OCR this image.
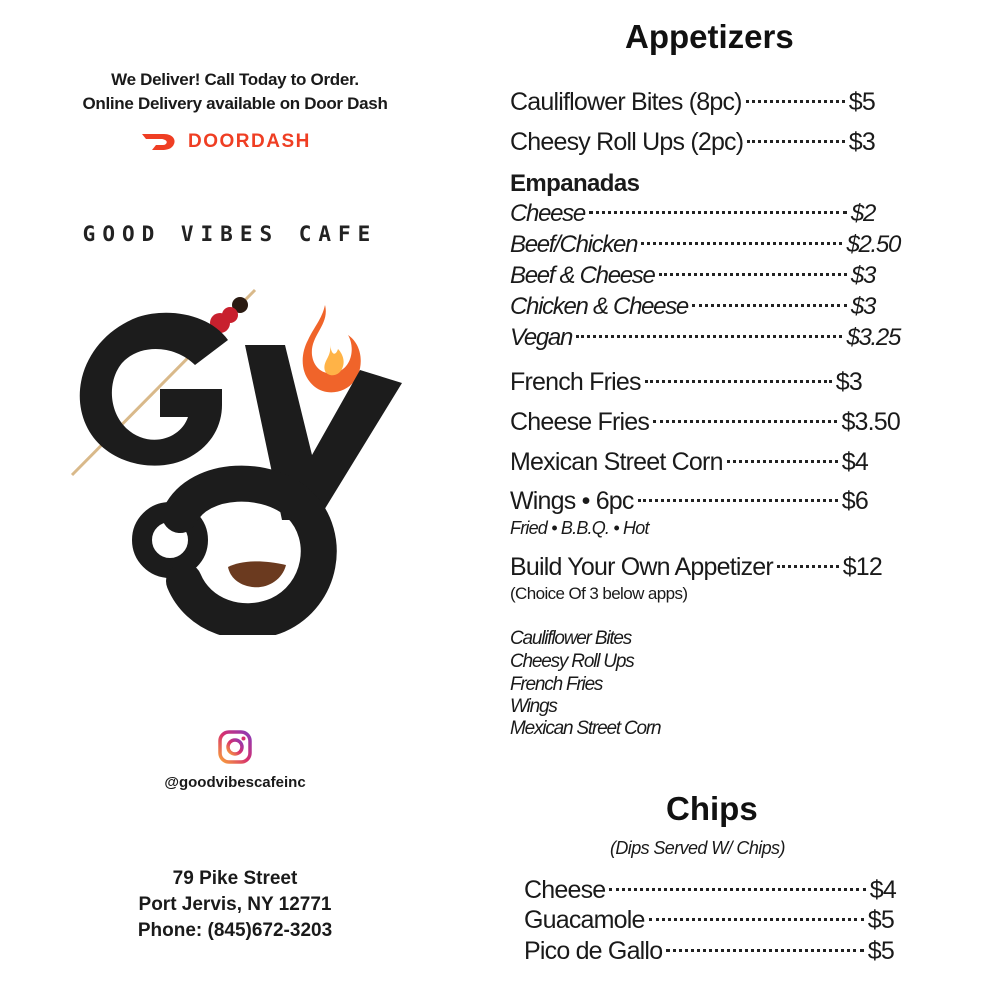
We Deliver! Call Today to Order.
Online Delivery available on Door Dash
DOORDASH
GOOD VIBES CAFE
@goodvibescafeinc
79 Pike Street
Port Jervis, NY 12771
Phone: (845)672-3203
Appetizers
Cauliflower Bites (8pc)	$5
Cheesy Roll Ups (2pc)	$3
Empanadas
Cheese	$2
Beef/Chicken	$2.50
Beef & Cheese	$3
Chicken & Cheese	$3
Vegan	$3.25
French Fries	$3
Cheese Fries	$3.50
Mexican Street Corn	$4
Wings • 6pc	$6
Fried • B.B.Q. • Hot
Build Your Own Appetizer	$12
(Choice Of 3 below apps)
Cauliflower Bites
Cheesy Roll Ups
French Fries
Wings
Mexican Street Corn
Chips
(Dips Served W/ Chips)
Cheese	$4
Guacamole	$5
Pico de Gallo	$5
